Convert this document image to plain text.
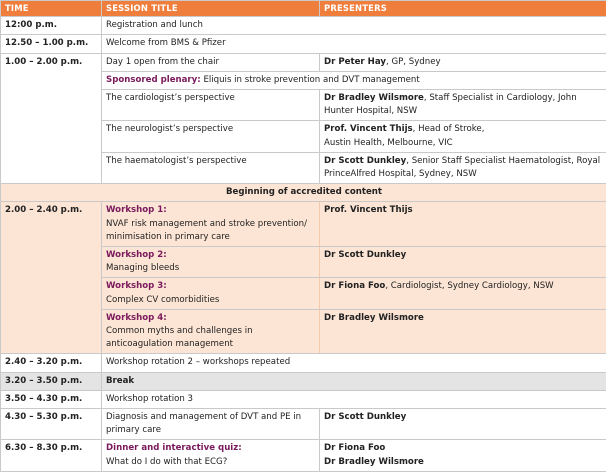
TIME	SESSION TITLE	PRESENTERS
12:00 p.m.	Registration and lunch	
12.50 – 1.00 p.m.	Welcome from BMS & Pfizer	
1.00 – 2.00 p.m.	Day 1 open from the chair	Dr Peter Hay, GP, Sydney
	Sponsored plenary: Eliquis in stroke prevention and DVT management	
	The cardiologist’s perspective	Dr Bradley Wilsmore, Staff Specialist in Cardiology, John Hunter Hospital, NSW
	The neurologist’s perspective	Prof. Vincent Thijs, Head of Stroke,
Austin Health, Melbourne, VIC
	The haematologist’s perspective	Dr Scott Dunkley, Senior Staff Specialist Haematologist, Royal PrinceAlfred Hospital, Sydney, NSW
Beginning of accredited content		
2.00 – 2.40 p.m.	Workshop 1:
NVAF risk management and stroke prevention/ minimisation in primary care	Prof. Vincent Thijs
	Workshop 2:
Managing bleeds	Dr Scott Dunkley
	Workshop 3:
Complex CV comorbidities	Dr Fiona Foo, Cardiologist, Sydney Cardiology, NSW
	Workshop 4:
Common myths and challenges in anticoagulation management	Dr Bradley Wilsmore
2.40 – 3.20 p.m.	Workshop rotation 2 – workshops repeated	
3.20 – 3.50 p.m.	Break	
3.50 – 4.30 p.m.	Workshop rotation 3	
4.30 – 5.30 p.m.	Diagnosis and management of DVT and PE in primary care	Dr Scott Dunkley
6.30 – 8.30 p.m.	Dinner and interactive quiz:
What do I do with that ECG?	Dr Fiona Foo
Dr Bradley Wilsmore
